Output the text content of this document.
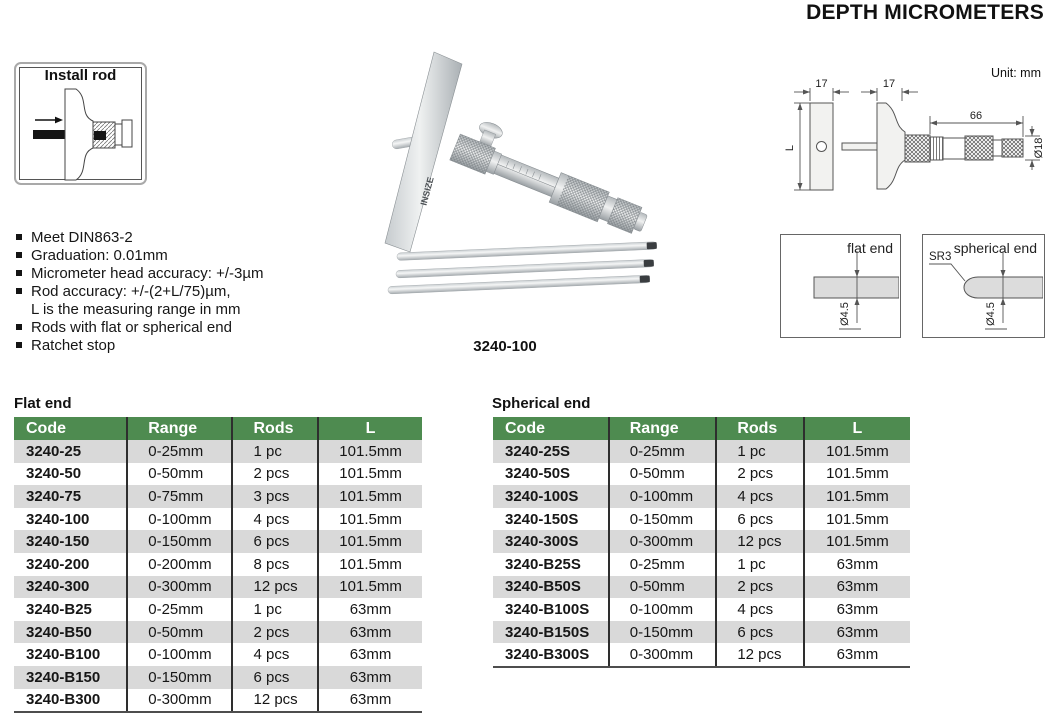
DEPTH MICROMETERS
Unit: mm
Install rod
Meet DIN863-2
Graduation: 0.01mm
Micrometer head accuracy: +/-3µm
Rod accuracy: +/-(2+L/75)µm,
L is the measuring range in mm
Rods with flat or spherical end
Ratchet stop
INSIZE
3240-100
17	17
66
L	Ø18
flat end
Ø4.5
spherical end
SR3
Ø4.5
Flat end
Code	Range	Rods	L
3240-25	0-25mm	1 pc	101.5mm
3240-50	0-50mm	2 pcs	101.5mm
3240-75	0-75mm	3 pcs	101.5mm
3240-100	0-100mm	4 pcs	101.5mm
3240-150	0-150mm	6 pcs	101.5mm
3240-200	0-200mm	8 pcs	101.5mm
3240-300	0-300mm	12 pcs	101.5mm
3240-B25	0-25mm	1 pc	63mm
3240-B50	0-50mm	2 pcs	63mm
3240-B100	0-100mm	4 pcs	63mm
3240-B150	0-150mm	6 pcs	63mm
3240-B300	0-300mm	12 pcs	63mm
Spherical end
Code	Range	Rods	L
3240-25S	0-25mm	1 pc	101.5mm
3240-50S	0-50mm	2 pcs	101.5mm
3240-100S	0-100mm	4 pcs	101.5mm
3240-150S	0-150mm	6 pcs	101.5mm
3240-300S	0-300mm	12 pcs	101.5mm
3240-B25S	0-25mm	1 pc	63mm
3240-B50S	0-50mm	2 pcs	63mm
3240-B100S	0-100mm	4 pcs	63mm
3240-B150S	0-150mm	6 pcs	63mm
3240-B300S	0-300mm	12 pcs	63mm
